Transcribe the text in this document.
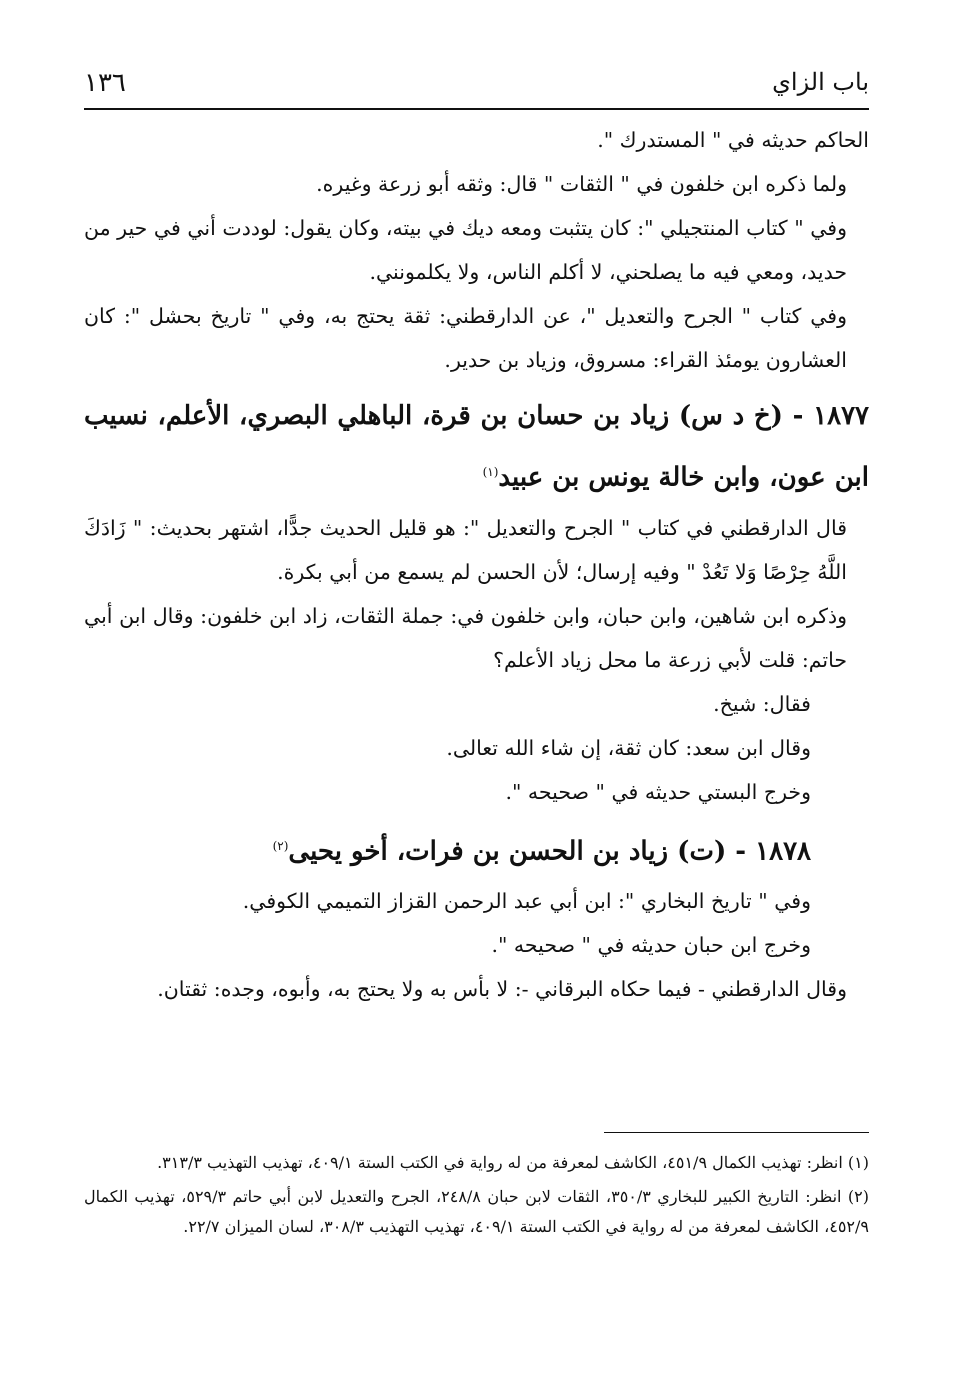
١٣٦	باب الزاي

الحاكم حديثه في " المستدرك ".

ولما ذكره ابن خلفون في " الثقات " قال: وثقه أبو زرعة وغيره.

وفي " كتاب المنتجيلي ": كان يتثبت ومعه ديك في بيته، وكان يقول: لوددت أني في حير من حديد، ومعي فيه ما يصلحني، لا أكلم الناس، ولا يكلمونني.

وفي كتاب " الجرح والتعديل "، عن الدارقطني: ثقة يحتج به، وفي " تاريخ بحشل ": كان العشارون يومئذ القراء: مسروق، وزياد بن حدير.

١٨٧٧ - (خ د س) زياد بن حسان بن قرة، الباهلي البصري، الأعلم، نسيب ابن عون، وابن خالة يونس بن عبيد$^{(١)}$

قال الدارقطني في كتاب " الجرح والتعديل ": هو قليل الحديث جدًّا، اشتهر بحديث: " زَادَكَ اللَّهُ حِرْصًا وَلا تَعُدْ " وفيه إرسال؛ لأن الحسن لم يسمع من أبي بكرة.

وذكره ابن شاهين، وابن حبان، وابن خلفون في: جملة الثقات، زاد ابن خلفون: وقال ابن أبي حاتم: قلت لأبي زرعة ما محل زياد الأعلم؟

فقال: شيخ.

وقال ابن سعد: كان ثقة، إن شاء الله تعالى.

وخرج البستي حديثه في " صحيحه ".

١٨٧٨ - (ت) زياد بن الحسن بن فرات، أخو يحيى$^{(٢)}$

وفي " تاريخ البخاري ": ابن أبي عبد الرحمن القزاز التميمي الكوفي.

وخرج ابن حبان حديثه في " صحيحه ".

وقال الدارقطني - فيما حكاه البرقاني -: لا بأس به ولا يحتج به، وأبوه، وجده: ثقتان.

(١) انظر: تهذيب الكمال ٤٥١/٩، الكاشف لمعرفة من له رواية في الكتب الستة ٤٠٩/١، تهذيب التهذيب ٣١٣/٣.

(٢) انظر: التاريخ الكبير للبخاري ٣٥٠/٣، الثقات لابن حبان ٢٤٨/٨، الجرح والتعديل لابن أبي حاتم ٥٢٩/٣، تهذيب الكمال ٤٥٢/٩، الكاشف لمعرفة من له رواية في الكتب الستة ٤٠٩/١، تهذيب التهذيب ٣٠٨/٣، لسان الميزان ٢٢/٧.
